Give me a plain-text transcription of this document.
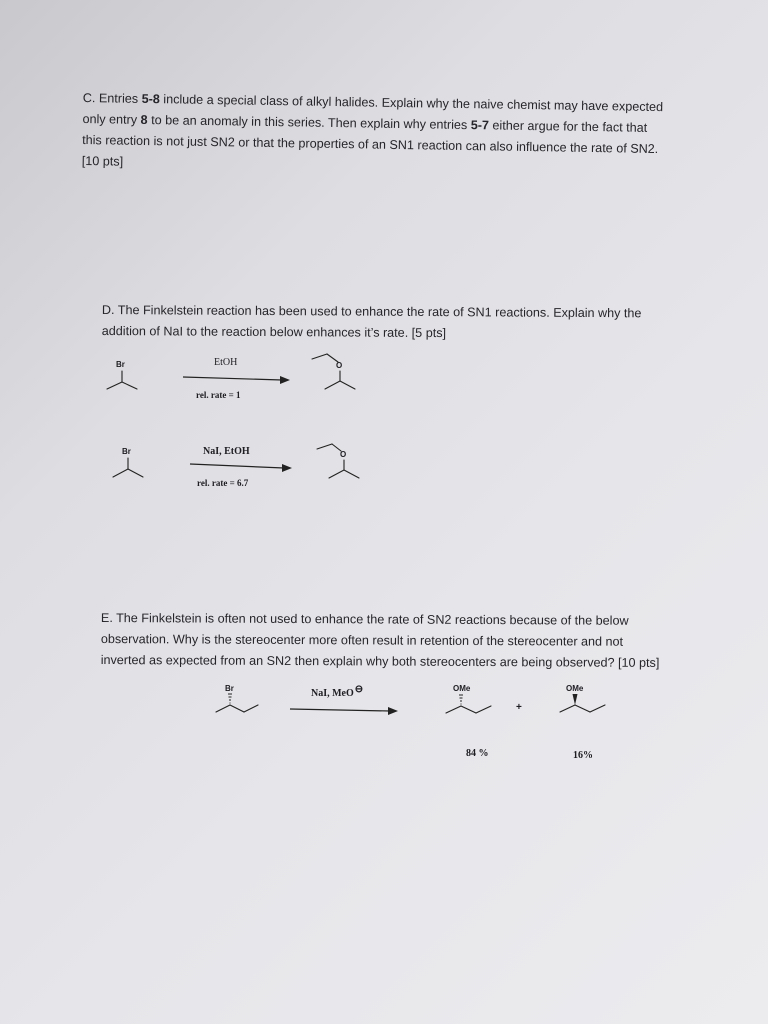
C. Entries 5-8 include a special class of alkyl halides. Explain why the naive chemist may have expected
only entry 8 to be an anomaly in this series. Then explain why entries 5-7 either argue for the fact that
this reaction is not just SN2 or that the properties of an SN1 reaction can also influence the rate of SN2.
[10 pts]
D. The Finkelstein reaction has been used to enhance the rate of SN1 reactions. Explain why the
addition of NaI to the reaction below enhances it’s rate. [5 pts]
E. The Finkelstein is often not used to enhance the rate of SN2 reactions because of the below
observation. Why is the stereocenter more often result in retention of the stereocenter and not
inverted as expected from an SN2 then explain why both stereocenters are being observed? [10 pts]
Br	EtOH
rel. rate = 1
O
Br	NaI, EtOH
rel. rate = 6.7
O
Br	NaI, MeO⊖	OMe
+
OMe
84 %	16%
